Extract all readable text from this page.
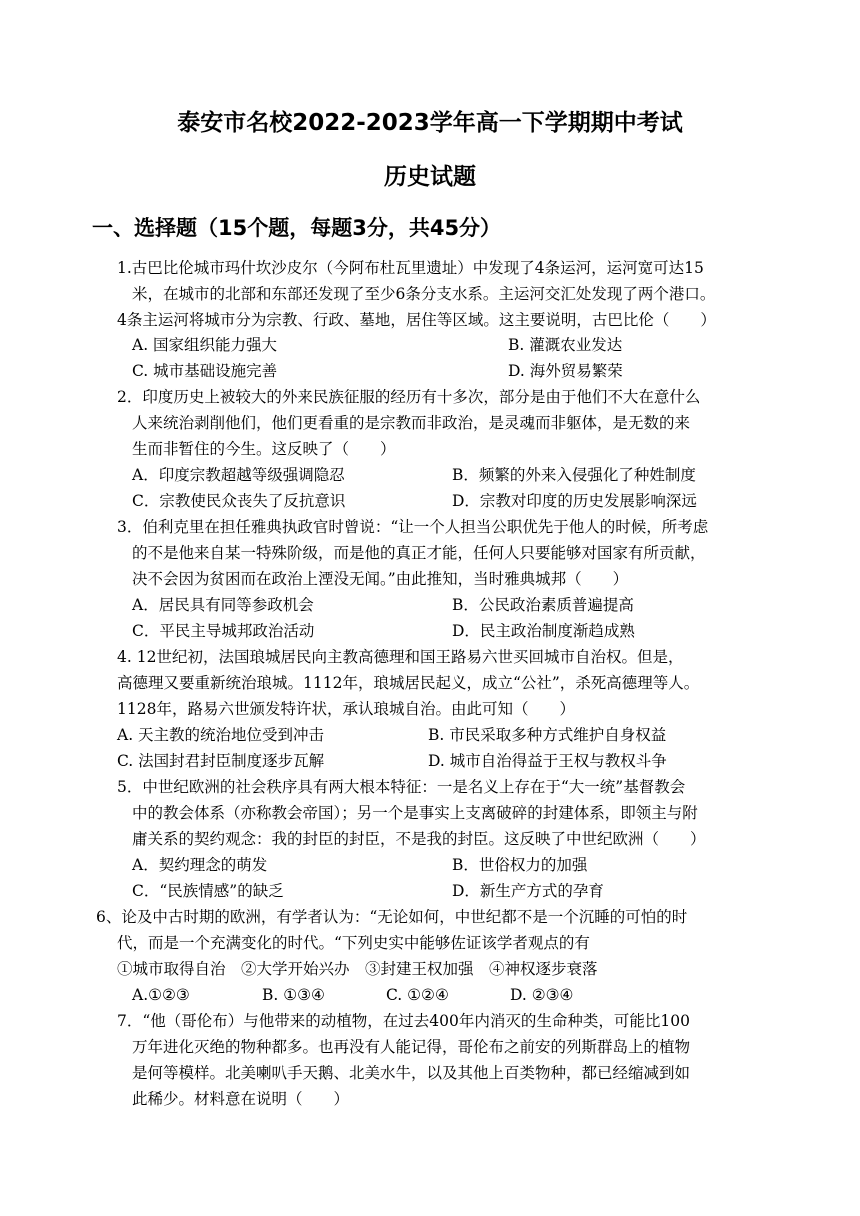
泰安市名校2022-2023学年高一下学期期中考试
历史试题
一、选择题（15个题，每题3分，共45分）
1.古巴比伦城市玛什坎沙皮尔（今阿布杜瓦里遗址）中发现了4条运河，运河宽可达15
米，在城市的北部和东部还发现了至少6条分支水系。主运河交汇处发现了两个港口。
4条主运河将城市分为宗教、行政、墓地，居住等区域。这主要说明，古巴比伦（　　）
A. 国家组织能力强大	B. 灌溉农业发达
C. 城市基础设施完善	D. 海外贸易繁荣
2．印度历史上被较大的外来民族征服的经历有十多次，部分是由于他们不大在意什么
人来统治剥削他们，他们更看重的是宗教而非政治，是灵魂而非躯体，是无数的来
生而非暂住的今生。这反映了（　　）
A．印度宗教超越等级强调隐忍	B．频繁的外来入侵强化了种姓制度
C．宗教使民众丧失了反抗意识	D．宗教对印度的历史发展影响深远
3．伯利克里在担任雅典执政官时曾说：“让一个人担当公职优先于他人的时候，所考虑
的不是他来自某一特殊阶级，而是他的真正才能，任何人只要能够对国家有所贡献，
决不会因为贫困而在政治上湮没无闻。”由此推知，当时雅典城邦（　　）
A．居民具有同等参政机会	B．公民政治素质普遍提高
C．平民主导城邦政治活动	D．民主政治制度渐趋成熟
4. 12世纪初，法国琅城居民向主教高德理和国王路易六世买回城市自治权。但是，
高德理又要重新统治琅城。1112年，琅城居民起义，成立“公社”，杀死高德理等人。
1128年，路易六世颁发特许状，承认琅城自治。由此可知（　　）
A. 天主教的统治地位受到冲击	B. 市民采取多种方式维护自身权益
C. 法国封君封臣制度逐步瓦解	D. 城市自治得益于王权与教权斗争
5．中世纪欧洲的社会秩序具有两大根本特征：一是名义上存在于“大一统”基督教会
中的教会体系（亦称教会帝国）；另一个是事实上支离破碎的封建体系，即领主与附
庸关系的契约观念：我的封臣的封臣，不是我的封臣。这反映了中世纪欧洲（　　）
A．契约理念的萌发	B．世俗权力的加强
C．“民族情感”的缺乏	D．新生产方式的孕育
6、论及中古时期的欧洲，有学者认为：“无论如何，中世纪都不是一个沉睡的可怕的时
代，而是一个充满变化的时代。“下列史实中能够佐证该学者观点的有
①城市取得自治　②大学开始兴办　③封建王权加强　④神权逐步衰落
A.①②③	B. ①③④	C. ①②④	D. ②③④
7．“他（哥伦布）与他带来的动植物，在过去400年内消灭的生命种类，可能比100
万年进化灭绝的物种都多。也再没有人能记得，哥伦布之前安的列斯群岛上的植物
是何等模样。北美喇叭手天鹅、北美水牛，以及其他上百类物种，都已经缩减到如
此稀少。材料意在说明（　　）
